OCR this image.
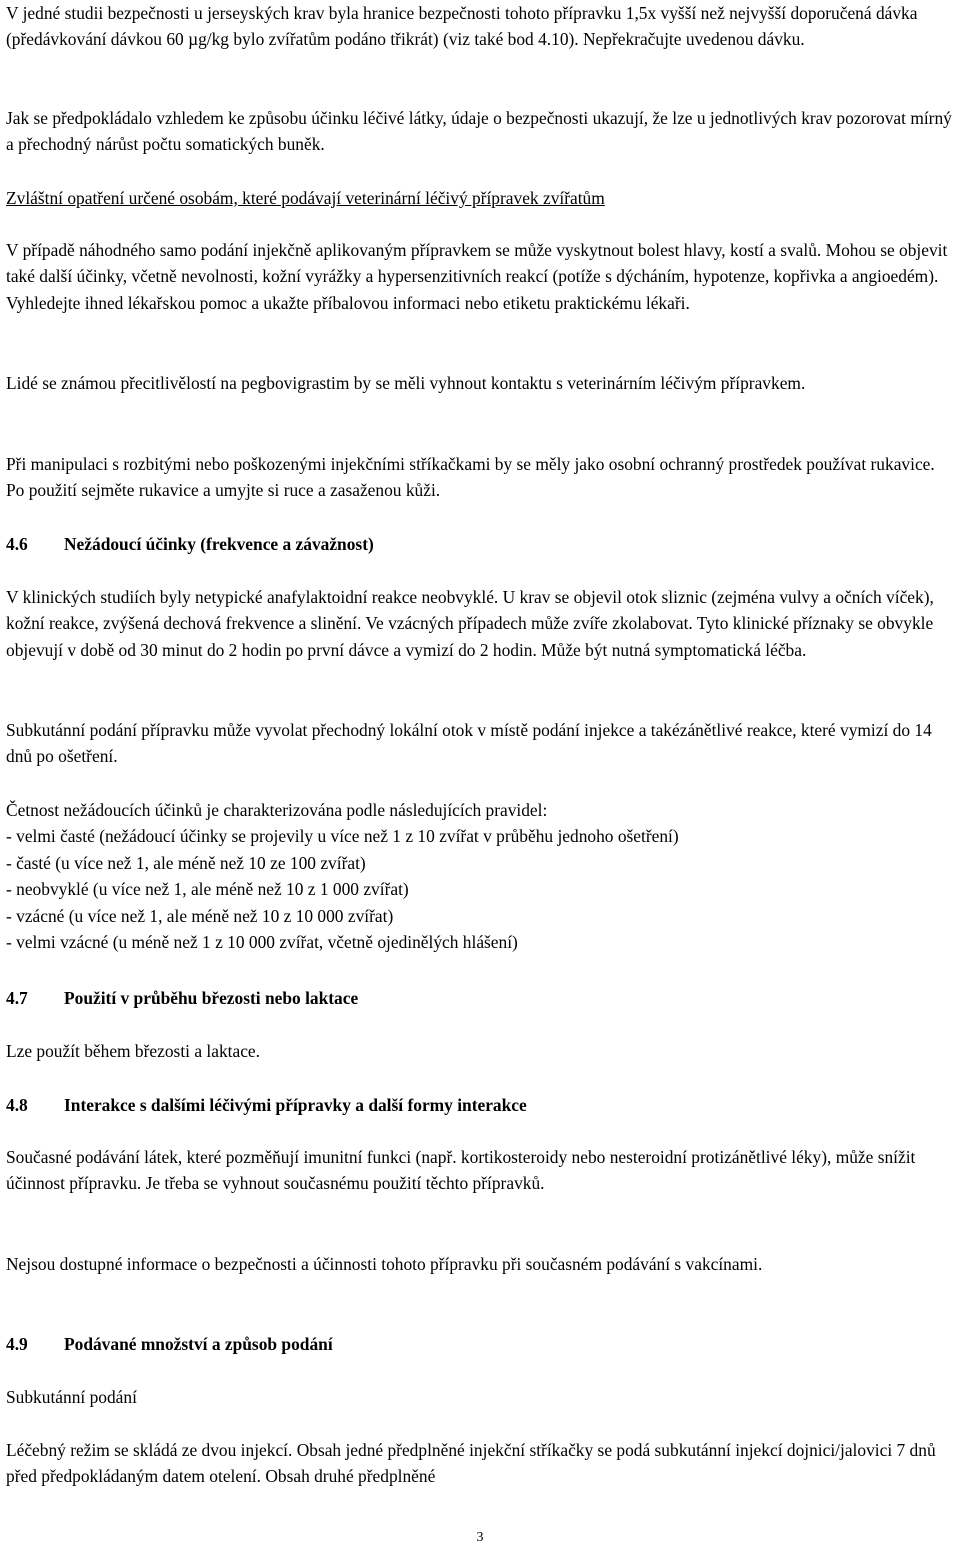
V jedné studii bezpečnosti u jerseyských krav byla hranice bezpečnosti tohoto přípravku 1,5x vyšší než nejvyšší doporučená dávka (předávkování dávkou 60 µg/kg bylo zvířatům podáno třikrát) (viz také bod 4.10). Nepřekračujte uvedenou dávku.

Jak se předpokládalo vzhledem ke způsobu účinku léčivé látky, údaje o bezpečnosti ukazují, že lze u jednotlivých krav pozorovat mírný a přechodný nárůst počtu somatických buněk.

Zvláštní opatření určené osobám, které podávají veterinární léčivý přípravek zvířatům

V případě náhodného samo podání injekčně aplikovaným přípravkem se může vyskytnout bolest hlavy, kostí a svalů. Mohou se objevit také další účinky, včetně nevolnosti, kožní vyrážky a hypersenzitivních reakcí (potíže s dýcháním, hypotenze, kopřivka a angioedém). Vyhledejte ihned lékařskou pomoc a ukažte příbalovou informaci nebo etiketu praktickému lékaři.

Lidé se známou přecitlivělostí na pegbovigrastim by se měli vyhnout kontaktu s veterinárním léčivým přípravkem.

Při manipulaci s rozbitými nebo poškozenými injekčními stříkačkami by se měly jako osobní ochranný prostředek používat rukavice. Po použití sejměte rukavice a umyjte si ruce a zasaženou kůži.

4.6 Nežádoucí účinky (frekvence a závažnost)

V klinických studiích byly netypické anafylaktoidní reakce neobvyklé. U krav se objevil otok sliznic (zejména vulvy a očních víček), kožní reakce, zvýšená dechová frekvence a slinění. Ve vzácných případech může zvíře zkolabovat. Tyto klinické příznaky se obvykle objevují v době od 30 minut do 2 hodin po první dávce a vymizí do 2 hodin. Může být nutná symptomatická léčba.

Subkutánní podání přípravku může vyvolat přechodný lokální otok v místě podání injekce a takézánětlivé reakce, které vymizí do 14 dnů po ošetření.

Četnost nežádoucích účinků je charakterizována podle následujících pravidel:
- velmi časté (nežádoucí účinky se projevily u více než 1 z 10 zvířat v průběhu jednoho ošetření)
- časté (u více než 1, ale méně než 10 ze 100 zvířat)
- neobvyklé (u více než 1, ale méně než 10 z 1 000 zvířat)
- vzácné (u více než 1, ale méně než 10 z 10 000 zvířat)
- velmi vzácné (u méně než 1 z 10 000 zvířat, včetně ojedinělých hlášení)
4.7 Použití v průběhu březosti nebo laktace

Lze použít během březosti a laktace.

4.8 Interakce s dalšími léčivými přípravky a další formy interakce

Současné podávání látek, které pozměňují imunitní funkci (např. kortikosteroidy nebo nesteroidní protizánětlivé léky), může snížit účinnost přípravku. Je třeba se vyhnout současnému použití těchto přípravků.

Nejsou dostupné informace o bezpečnosti a účinnosti tohoto přípravku při současném podávání s vakcínami.

4.9 Podávané množství a způsob podání

Subkutánní podání

Léčebný režim se skládá ze dvou injekcí. Obsah jedné předplněné injekční stříkačky se podá subkutánní injekcí dojnici/jalovici 7 dnů před předpokládaným datem otelení. Obsah druhé předplněné

3
